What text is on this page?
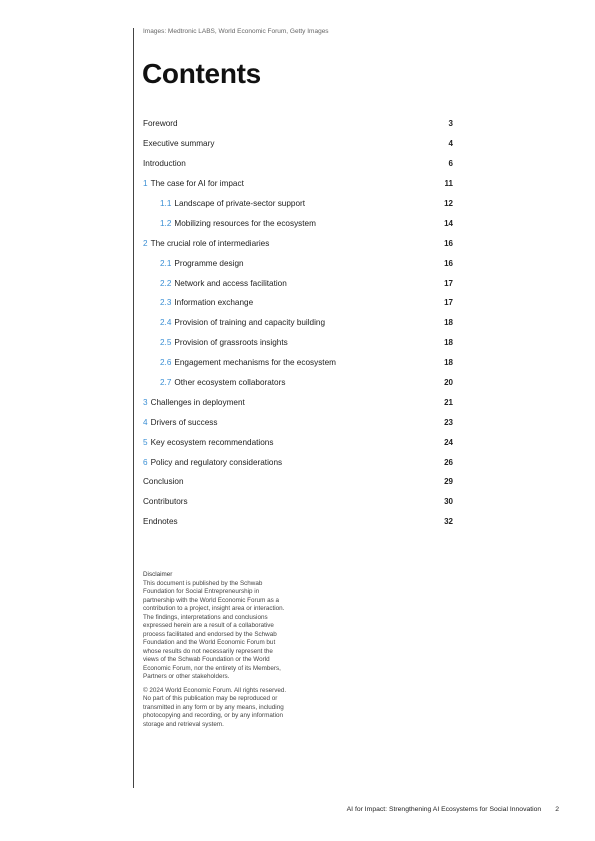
Images: Medtronic LABS, World Economic Forum, Getty Images
Contents
Foreword	3
Executive summary	4
Introduction	6
1 The case for AI for impact	11
1.1 Landscape of private-sector support	12
1.2 Mobilizing resources for the ecosystem	14
2 The crucial role of intermediaries	16
2.1 Programme design	16
2.2 Network and access facilitation	17
2.3 Information exchange	17
2.4 Provision of training and capacity building	18
2.5 Provision of grassroots insights	18
2.6 Engagement mechanisms for the ecosystem	18
2.7 Other ecosystem collaborators	20
3 Challenges in deployment	21
4 Drivers of success	23
5 Key ecosystem recommendations	24
6 Policy and regulatory considerations	26
Conclusion	29
Contributors	30
Endnotes	32
Disclaimer

This document is published by the Schwab Foundation for Social Entrepreneurship in partnership with the World Economic Forum as a contribution to a project, insight area or interaction. The findings, interpretations and conclusions expressed herein are a result of a collaborative process facilitated and endorsed by the Schwab Foundation and the World Economic Forum but whose results do not necessarily represent the views of the Schwab Foundation or the World Economic Forum, nor the entirety of its Members, Partners or other stakeholders.

© 2024 World Economic Forum. All rights reserved. No part of this publication may be reproduced or transmitted in any form or by any means, including photocopying and recording, or by any information storage and retrieval system.

AI for Impact: Strengthening AI Ecosystems for Social Innovation 2
